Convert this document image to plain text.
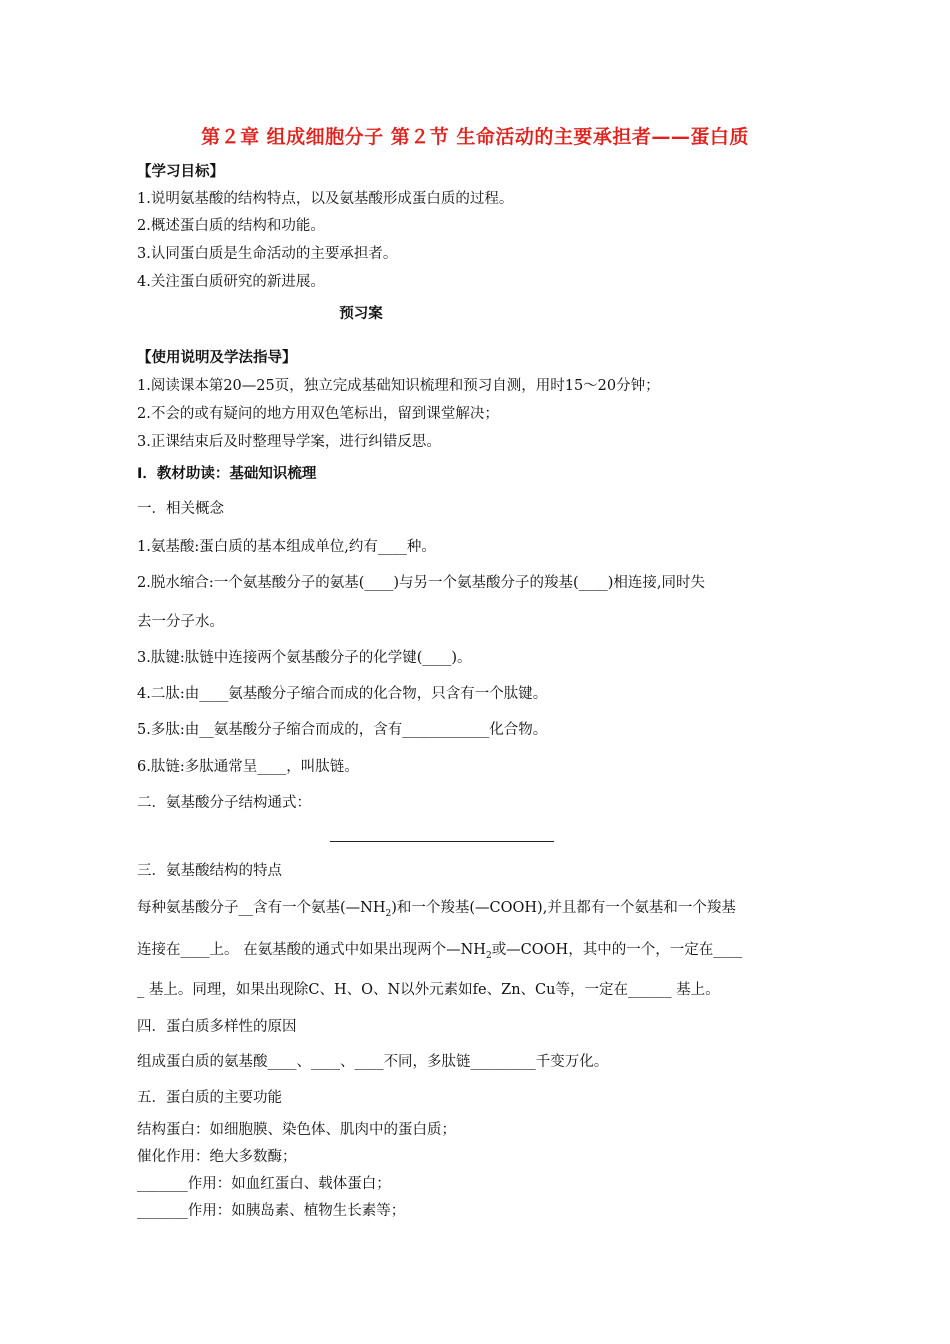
第２章 组成细胞分子 第２节 生命活动的主要承担者——蛋白质
【学习目标】
1.说明氨基酸的结构特点，以及氨基酸形成蛋白质的过程。
2.概述蛋白质的结构和功能。
3.认同蛋白质是生命活动的主要承担者。
4.关注蛋白质研究的新进展。
预习案
【使用说明及学法指导】
1.阅读课本第20—25页，独立完成基础知识梳理和预习自测，用时15～20分钟；
2.不会的或有疑问的地方用双色笔标出，留到课堂解决；
3.正课结束后及时整理导学案，进行纠错反思。
Ⅰ．教材助读：基础知识梳理
一．相关概念
1.氨基酸:蛋白质的基本组成单位,约有____种。
2.脱水缩合:一个氨基酸分子的氨基(____)与另一个氨基酸分子的羧基(____)相连接,同时失
去一分子水。
3.肽键:肽链中连接两个氨基酸分子的化学键(____)。
4.二肽:由____氨基酸分子缩合而成的化合物，只含有一个肽键。
5.多肽:由__氨基酸分子缩合而成的，含有____________化合物。
6.肽链:多肽通常呈____，叫肽链。
二．氨基酸分子结构通式：
三．氨基酸结构的特点
每种氨基酸分子__含有一个氨基$(—NH_2)$和一个羧基(—COOH),并且都有一个氨基和一个羧基
连接在____上。 在氨基酸的通式中如果出现两个$—NH_2$或—COOH，其中的一个，一定在____
_ 基上。同理，如果出现除C、H、O、N以外元素如fe、Zn、Cu等，一定在______ 基上。
四．蛋白质多样性的原因
组成蛋白质的氨基酸____、____、____不同，多肽链_________千变万化。
五．蛋白质的主要功能
结构蛋白：如细胞膜、染色体、肌肉中的蛋白质；
催化作用：绝大多数酶；
_______作用：如血红蛋白、载体蛋白；
_______作用：如胰岛素、植物生长素等；
